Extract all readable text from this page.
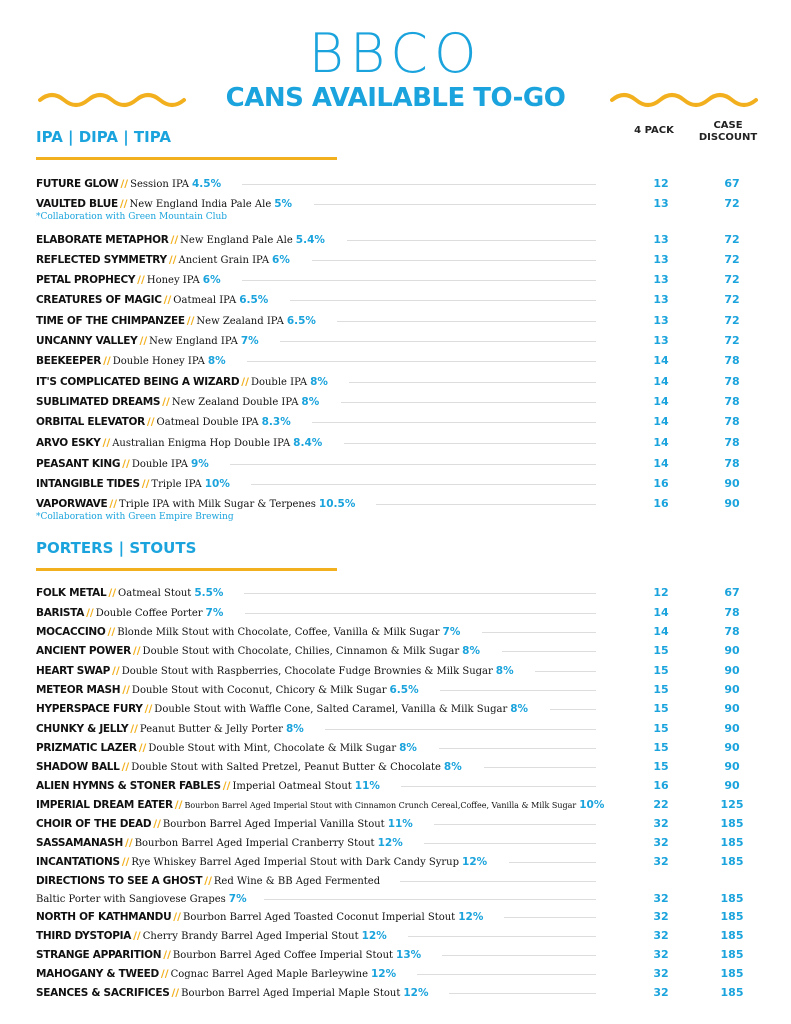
BBCO
CANS AVAILABLE TO-GO
4 PACK	CASE
DISCOUNT
IPA | DIPA | TIPA
FUTURE GLOW // Session IPA 4.5%	12	67
VAULTED BLUE // New England India Pale Ale 5%	13	72
*Collaboration with Green Mountain Club
ELABORATE METAPHOR // New England Pale Ale 5.4%	13	72
REFLECTED SYMMETRY // Ancient Grain IPA 6%	13	72
PETAL PROPHECY // Honey IPA 6%	13	72
CREATURES OF MAGIC // Oatmeal IPA 6.5%	13	72
TIME OF THE CHIMPANZEE // New Zealand IPA 6.5%	13	72
UNCANNY VALLEY // New England IPA 7%	13	72
BEEKEEPER // Double Honey IPA 8%	14	78
IT'S COMPLICATED BEING A WIZARD // Double IPA 8%	14	78
SUBLIMATED DREAMS // New Zealand Double IPA 8%	14	78
ORBITAL ELEVATOR // Oatmeal Double IPA 8.3%	14	78
ARVO ESKY // Australian Enigma Hop Double IPA 8.4%	14	78
PEASANT KING // Double IPA 9%	14	78
INTANGIBLE TIDES // Triple IPA 10%	16	90
VAPORWAVE // Triple IPA with Milk Sugar & Terpenes 10.5%	16	90
*Collaboration with Green Empire Brewing
PORTERS | STOUTS
FOLK METAL // Oatmeal Stout 5.5%	12	67
BARISTA // Double Coffee Porter 7%	14	78
MOCACCINO // Blonde Milk Stout with Chocolate, Coffee, Vanilla & Milk Sugar 7%	14	78
ANCIENT POWER // Double Stout with Chocolate, Chilies, Cinnamon & Milk Sugar 8%	15	90
HEART SWAP // Double Stout with Raspberries, Chocolate Fudge Brownies & Milk Sugar 8%	15	90
METEOR MASH // Double Stout with Coconut, Chicory & Milk Sugar 6.5%	15	90
HYPERSPACE FURY // Double Stout with Waffle Cone, Salted Caramel, Vanilla & Milk Sugar 8%	15	90
CHUNKY & JELLY // Peanut Butter & Jelly Porter 8%	15	90
PRIZMATIC LAZER // Double Stout with Mint, Chocolate & Milk Sugar 8%	15	90
SHADOW BALL // Double Stout with Salted Pretzel, Peanut Butter & Chocolate 8%	15	90
ALIEN HYMNS & STONER FABLES // Imperial Oatmeal Stout 11%	16	90
IMPERIAL DREAM EATER // Bourbon Barrel Aged Imperial Stout with Cinnamon Crunch Cereal,Coffee, Vanilla & Milk Sugar 10%	22	125
CHOIR OF THE DEAD // Bourbon Barrel Aged Imperial Vanilla Stout 11%	32	185
SASSAMANASH // Bourbon Barrel Aged Imperial Cranberry Stout 12%	32	185
INCANTATIONS // Rye Whiskey Barrel Aged Imperial Stout with Dark Candy Syrup 12%	32	185
DIRECTIONS TO SEE A GHOST // Red Wine & BB Aged Fermented
Baltic Porter with Sangiovese Grapes 7%	32	185
NORTH OF KATHMANDU // Bourbon Barrel Aged Toasted Coconut Imperial Stout 12%	32	185
THIRD DYSTOPIA // Cherry Brandy Barrel Aged Imperial Stout 12%	32	185
STRANGE APPARITION // Bourbon Barrel Aged Coffee Imperial Stout 13%	32	185
MAHOGANY & TWEED // Cognac Barrel Aged Maple Barleywine 12%	32	185
SEANCES & SACRIFICES // Bourbon Barrel Aged Imperial Maple Stout 12%	32	185
